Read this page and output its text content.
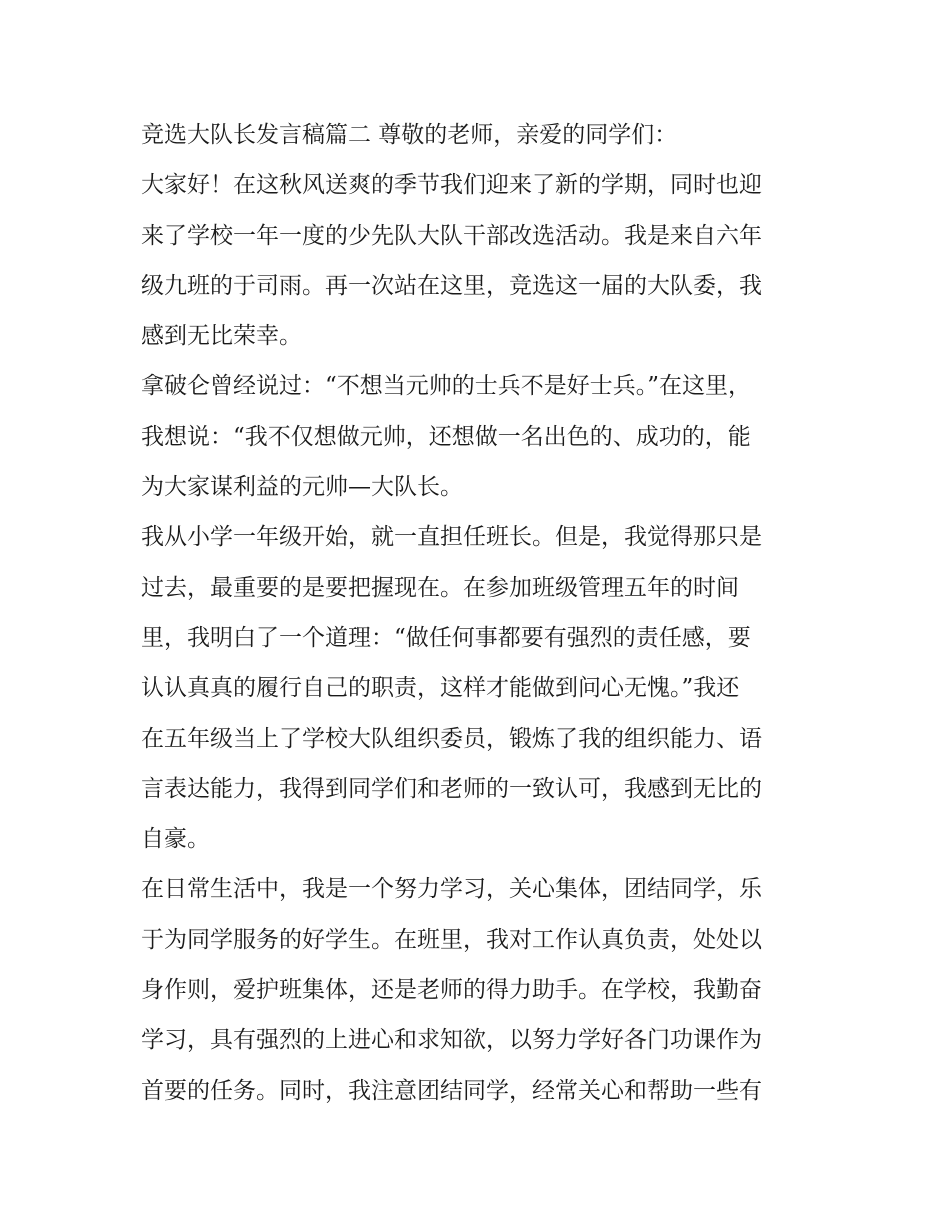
竞选大队长发言稿篇二 尊敬的老师，亲爱的同学们：
大家好！在这秋风送爽的季节我们迎来了新的学期，同时也迎
来了学校一年一度的少先队大队干部改选活动。我是来自六年
级九班的于司雨。再一次站在这里，竞选这一届的大队委，我
感到无比荣幸。
拿破仑曾经说过：“不想当元帅的士兵不是好士兵。”在这里，
我想说：“我不仅想做元帅，还想做一名出色的、成功的，能
为大家谋利益的元帅—大队长。
我从小学一年级开始，就一直担任班长。但是，我觉得那只是
过去，最重要的是要把握现在。在参加班级管理五年的时间
里，我明白了一个道理：“做任何事都要有强烈的责任感，要
认认真真的履行自己的职责，这样才能做到问心无愧。”我还
在五年级当上了学校大队组织委员，锻炼了我的组织能力、语
言表达能力，我得到同学们和老师的一致认可，我感到无比的
自豪。
在日常生活中，我是一个努力学习，关心集体，团结同学，乐
于为同学服务的好学生。在班里，我对工作认真负责，处处以
身作则，爱护班集体，还是老师的得力助手。在学校，我勤奋
学习，具有强烈的上进心和求知欲，以努力学好各门功课作为
首要的任务。同时，我注意团结同学，经常关心和帮助一些有
